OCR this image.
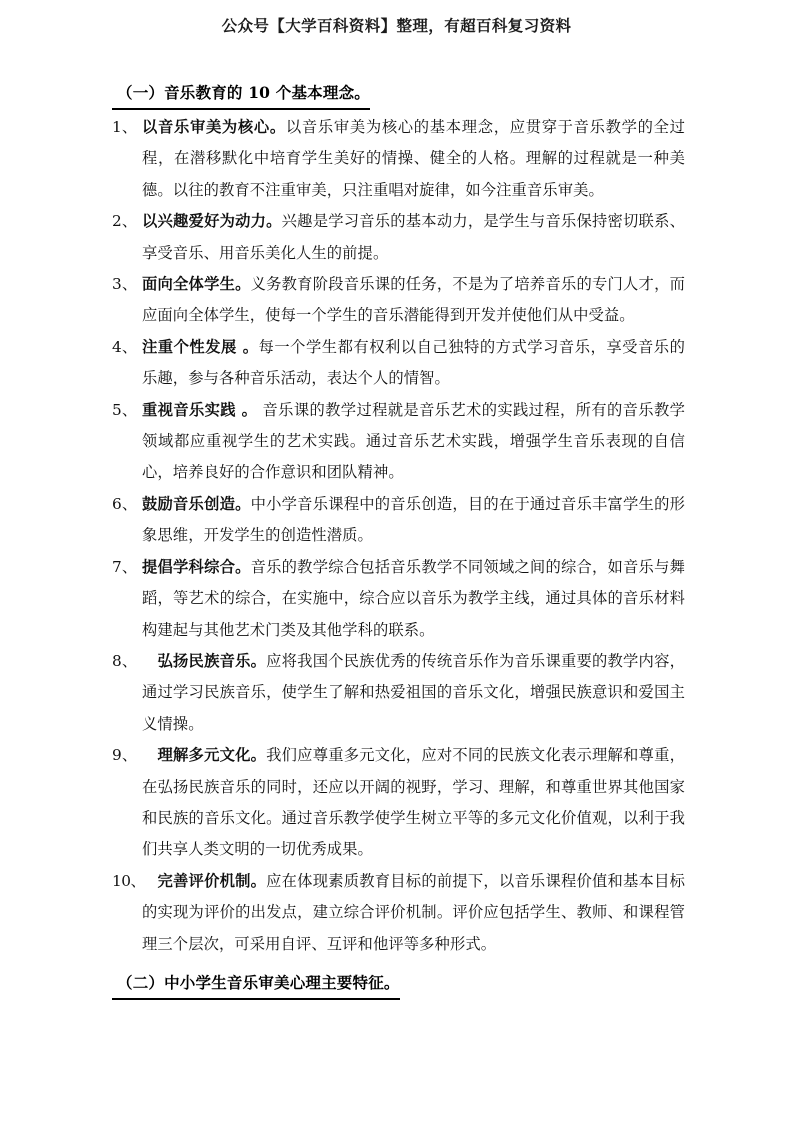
公众号【大学百科资料】整理，有超百科复习资料
（一）音乐教育的 10 个基本理念。
1、 以音乐审美为核心。以音乐审美为核心的基本理念，应贯穿于音乐教学的全过程，在潜移默化中培育学生美好的情操、健全的人格。理解的过程就是一种美德。以往的教育不注重审美，只注重唱对旋律，如今注重音乐审美。
2、 以兴趣爱好为动力。兴趣是学习音乐的基本动力，是学生与音乐保持密切联系、享受音乐、用音乐美化人生的前提。
3、 面向全体学生。义务教育阶段音乐课的任务，不是为了培养音乐的专门人才，而应面向全体学生，使每一个学生的音乐潜能得到开发并使他们从中受益。
4、 注重个性发展 。每一个学生都有权利以自己独特的方式学习音乐，享受音乐的乐趣，参与各种音乐活动，表达个人的情智。
5、 重视音乐实践 。 音乐课的教学过程就是音乐艺术的实践过程，所有的音乐教学领域都应重视学生的艺术实践。通过音乐艺术实践，增强学生音乐表现的自信心，培养良好的合作意识和团队精神。
6、 鼓励音乐创造。中小学音乐课程中的音乐创造，目的在于通过音乐丰富学生的形象思维，开发学生的创造性潜质。
7、 提倡学科综合。音乐的教学综合包括音乐教学不同领域之间的综合，如音乐与舞蹈，等艺术的综合，在实施中，综合应以音乐为教学主线，通过具体的音乐材料构建起与其他艺术门类及其他学科的联系。
8、 　弘扬民族音乐。应将我国个民族优秀的传统音乐作为音乐课重要的教学内容，通过学习民族音乐，使学生了解和热爱祖国的音乐文化，增强民族意识和爱国主义情操。
9、 　理解多元文化。我们应尊重多元文化，应对不同的民族文化表示理解和尊重，在弘扬民族音乐的同时，还应以开阔的视野，学习、理解，和尊重世界其他国家和民族的音乐文化。通过音乐教学使学生树立平等的多元文化价值观，以利于我们共享人类文明的一切优秀成果。
10、
　完善评价机制。应在体现素质教育目标的前提下，以音乐课程价值和基本目标的实现为评价的出发点，建立综合评价机制。评价应包括学生、教师、和课程管理三个层次，可采用自评、互评和他评等多种形式。
（二）中小学生音乐审美心理主要特征。
